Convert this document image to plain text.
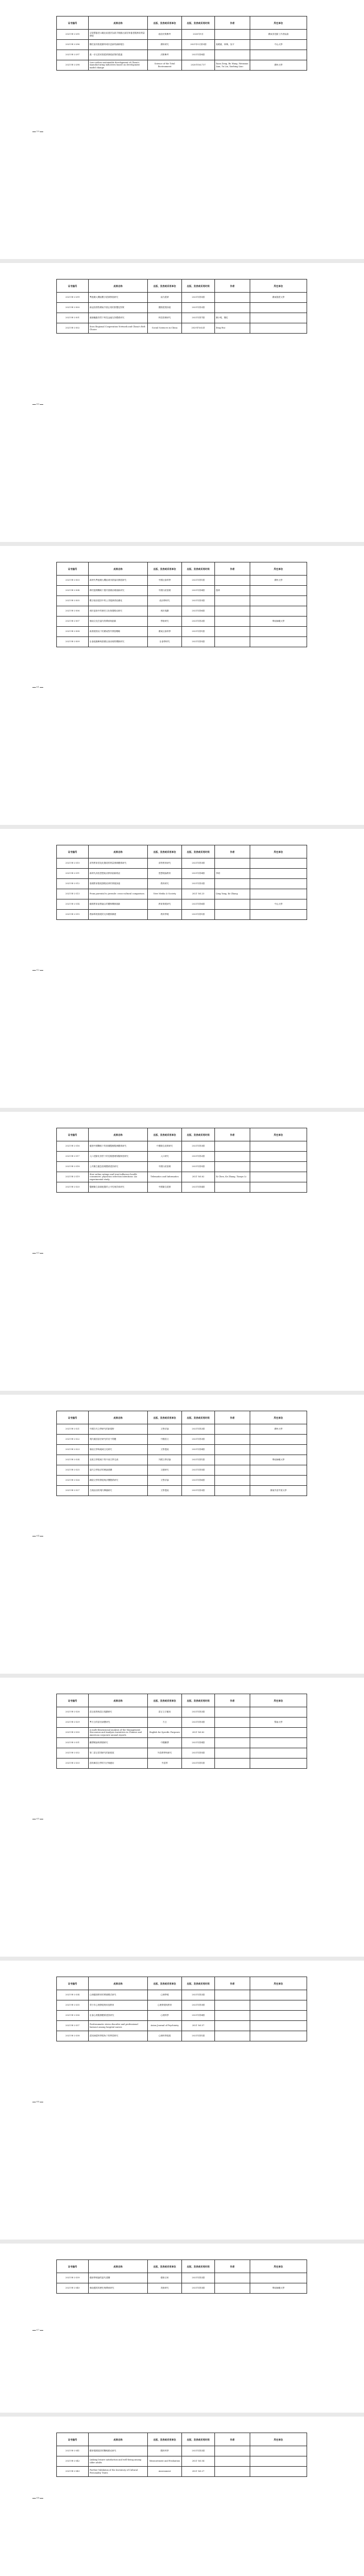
证书编号	成果名称	出版、发表或采用单位	出版、发表或采用时间	作者	所在单位
2021-B-2-295	以智慧養老示範社區建設為抓手推動社區居家養老服務高質量發展	政府決策參考	2020年9月		廣東省老齡工作者協會
2021-B-2-296	關於加快推進廣州城市更新的調研報告	廣州研究	2021年5月第3期	莫曉斌，林梅，吳平	中山大學
2021-B-2-297	進一步完善民營經濟發展政策的建議	決策參考	2021年第8期		
2021-B-2-298	Low-carbon sustainable development of China's manufacturing industries based on development model change	Science of the Total Environment	2020年Vol.737	Xuan Zeng, Bo Wang, Wenxuan Lian, Yu Liu, Xuebing Liao	廣州大學
59
证书编号	成果名称	出版、发表或采用单位	出版、发表或采用时间	作者	所在单位
2021-B-2-299	粵港澳大灣區數字經濟發展研究	南方經濟	2021年第5期		廣東財經大學
2021-B-2-300	新冠疫情對廣東外貿企業的影響及對策	國際經貿探索	2021年第2期		
2021-B-2-301	創新驅動背景下科技金融支持體系研究	科技管理研究	2021年第7期	劉小明，陳紅	
2021-B-2-302	Does Regional Cooperation Network and China's Belt Choice	Social Sciences in China	2020年Vol.41	Ding Hui	
60
证书编号	成果名称	出版、发表或采用单位	出版、发表或采用时间	作者	所在单位
2021-B-2-303	新時代粵港澳大灣區城市群協同發展研究	中國社會科學	2021年第1期		廣州大學
2021-B-2-304	鄉村振興戰略下農村基層治理創新研究	中國行政管理	2021年第4期	張偉	
2021-B-2-305	數字政府建設中的公共服務供給優化	政治學研究	2021年第3期		
2021-B-2-306	城市更新中的歷史文化保護路徑研究	城市規劃	2021年第6期		
2021-B-2-307	嶺南文化在當代的傳承與創新	學術研究	2021年第2期		華南師範大學
2021-B-2-308	新發展格局下的廣東對外開放戰略	廣東社會科學	2021年第1期		
2021-B-2-309	社會組織參與基層社會治理的機制研究	社會學研究	2021年第5期		
61
证书编号	成果名称	出版、发表或采用单位	出版、发表或采用时间	作者	所在单位
2021-B-2-310	高等教育普及化階段的質量保障體系研究	高等教育研究	2021年第3期		
2021-B-2-311	新時代高校思想政治教育創新路徑	思想理論教育	2021年第4期	李明	
2021-B-2-312	基礎教育階段課程改革的實踐探索	教育研究	2021年第2期		
2021-B-2-313	From parental to juvenile: cross-cultural comparison	New Media & Society	2021 Vol.23	Qing Yang, Ke Zhang	
2021-B-2-314	職業教育產教融合的體制機制創新	教育發展研究	2021年第6期		中山大學
2021-B-2-315	教師專業發展的支持體系構建	教育學報	2021年第1期		
62
证书编号	成果名称	出版、发表或采用单位	出版、发表或采用时间	作者	所在单位
2021-B-2-316	健康中國戰略下的基層醫療服務體系研究	中國衛生政策研究	2021年第3期		
2021-B-2-317	人口老齡化背景下的長期護理保險制度研究	人口研究	2021年第2期		
2021-B-2-318	公共衛生應急管理體系建設研究	中國行政管理	2021年第5期		
2021-B-2-319	How online ratings and trust influence health consumers' physician selection intentions: An experimental study	Telematics and Informatics	2021 Vol.62	Xi Chen, Ke Zhang, Tianyu Li	
2021-B-2-320	醫療衛生資源配置的公平性與效率研究	中國衛生經濟	2021年第4期		
63
证书编号	成果名称	出版、发表或采用单位	出版、发表或采用时间	作者	所在单位
2021-B-2-321	中國古代文學研究的新視野	文學評論	2021年第2期		廣州大學
2021-B-2-322	現代漢語語法研究的若干問題	中國語文	2021年第3期		
2021-B-2-323	嶺南文學與地域文化研究	文學遺產	2021年第4期		
2021-B-2-324	比較文學視域下的中西文學交流	外國文學評論	2021年第1期		華南師範大學
2021-B-2-325	當代文學批評的理論建構	文藝研究	2021年第5期		
2021-B-2-326	網絡文學的發展與評價體系研究	文學評論	2021年第6期		
2021-B-2-327	古典詩詞的現代傳播研究	文學遺產	2021年第3期		廣東外語外貿大學
64
证书编号	成果名称	出版、发表或采用单位	出版、发表或采用时间	作者	所在单位
2021-B-2-328	語言政策與語言規劃研究	語言文字應用	2021年第2期		
2021-B-2-329	粵方言的語音演變研究	方言	2021年第3期		暨南大學
2021-B-2-330	A multi-dimensional analysis of the Management Discussion and Analysis narratives in Chinese and American corporate annual reports	English for Specific Purposes	2021 Vol.62		
2021-B-2-331	翻譯理論與實踐研究	中國翻譯	2021年第4期		
2021-B-2-332	第二語言習得研究的新進展	外語教學與研究	2021年第5期		
2021-B-2-333	語料庫語言學的方法與應用	外語界	2021年第1期		
65
证书编号	成果名称	出版、发表或采用单位	出版、发表或采用时间	作者	所在单位
2021-B-2-334	心理健康教育的實踐模式研究	心理學報	2021年第2期		
2021-B-2-335	青少年心理發展與家庭教育	心理發展與教育	2021年第3期		
2021-B-2-336	社會心理服務體系建設研究	心理科學	2021年第4期		
2021-B-2-337	Posttraumatic stress disorder and professional burnout among hospital nurses	Asian Journal of Psychiatry	2021 Vol.57		
2021-B-2-338	認知神經科學視角下的學習研究	心理科學進展	2021年第1期		
66
证书编号	成果名称	出版、发表或采用单位	出版、发表或采用时间	作者	所在单位
2021-B-2-339	藝術學理論的當代建構	藝術百家	2021年第2期		
2021-B-2-340	嶺南畫派的歷史與傳承研究	美術研究	2021年第3期		華南師範大學
67
证书编号	成果名称	出版、发表或采用单位	出版、发表或采用时间	作者	所在单位
2021-B-2-341	體育強國建設的戰略路徑研究	體育科學	2021年第2期		
2021-B-2-342	Linking leisure satisfaction and well-being among older adults	Measurement and Evaluation	2021 Vol.54		
2021-B-2-343	Further Validation of the Inventory of Cultural Personality Traits	Assessment	2021 Vol.27		
68
